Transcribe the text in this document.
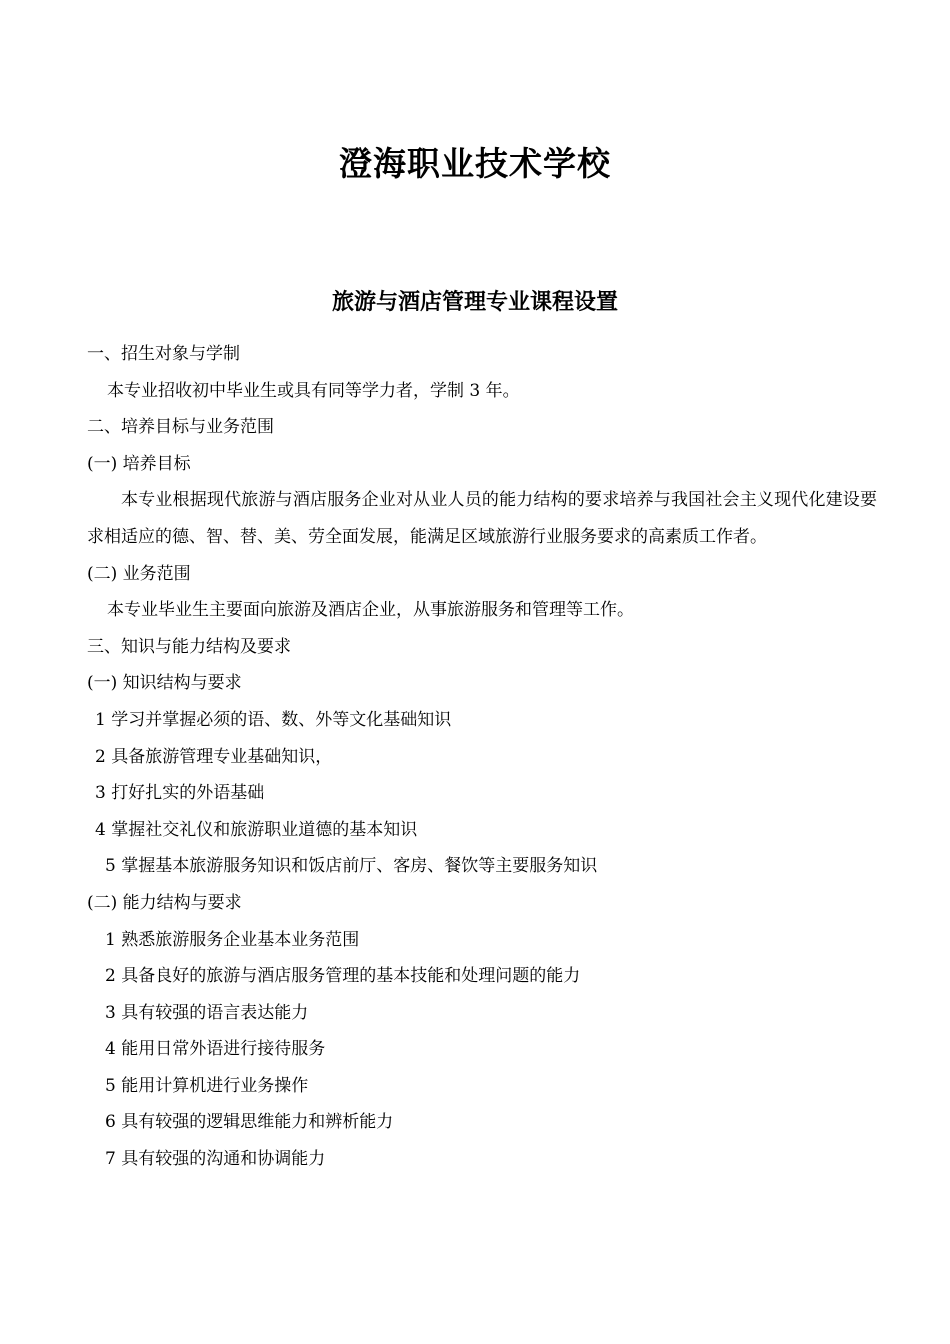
澄海职业技术学校
旅游与酒店管理专业课程设置
一、招生对象与学制
本专业招收初中毕业生或具有同等学力者，学制 3 年。
二、培养目标与业务范围
(一) 培养目标
本专业根据现代旅游与酒店服务企业对从业人员的能力结构的要求培养与我国社会主义现代化建设要求相适应的德、智、替、美、劳全面发展，能满足区域旅游行业服务要求的高素质工作者。
(二) 业务范围
本专业毕业生主要面向旅游及酒店企业，从事旅游服务和管理等工作。
三、知识与能力结构及要求
(一) 知识结构与要求
1 学习并掌握必须的语、数、外等文化基础知识
2 具备旅游管理专业基础知识，
3 打好扎实的外语基础
4 掌握社交礼仪和旅游职业道德的基本知识
5 掌握基本旅游服务知识和饭店前厅、客房、餐饮等主要服务知识
(二) 能力结构与要求
1 熟悉旅游服务企业基本业务范围
2 具备良好的旅游与酒店服务管理的基本技能和处理问题的能力
3 具有较强的语言表达能力
4 能用日常外语进行接待服务
5 能用计算机进行业务操作
6 具有较强的逻辑思维能力和辨析能力
7 具有较强的沟通和协调能力
